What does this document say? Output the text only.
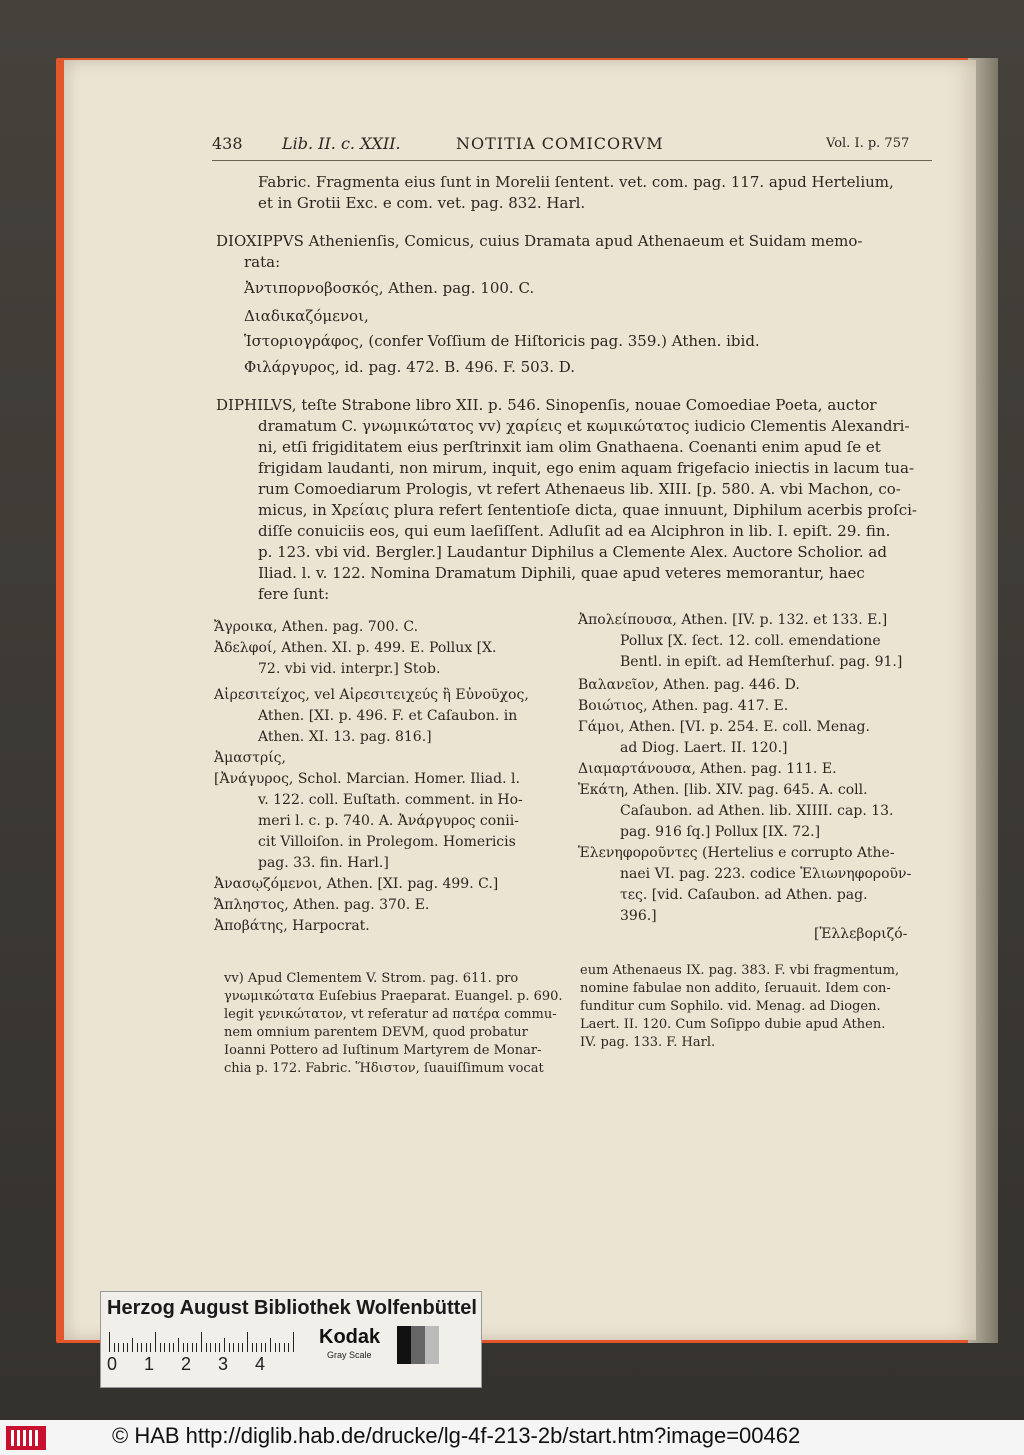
438 Lib. II. c. XXII.	NOTITIA COMICORVM	Vol. I. p. 757
Fabric. Fragmenta eius ſunt in Morelii ſentent. vet. com. pag. 117. apud Hertelium,
et in Grotii Exc. e com. vet. pag. 832. Harl.
DIOXIPPVS Athenienſis, Comicus, cuius Dramata apud Athenaeum et Suidam memo-
rata:
Ἀντιπορνοβοσκός, Athen. pag. 100. C.
Διαδικαζόμενοι,
Ἱστοριογράφος, (confer Voſſium de Hiſtoricis pag. 359.) Athen. ibid.
Φιλάργυρος, id. pag. 472. B. 496. F. 503. D.
DIPHILVS, teſte Strabone libro XII. p. 546. Sinopenſis, nouae Comoediae Poeta, auctor
dramatum C. γνωμικώτατος vv) χαρίεις et κωμικώτατος iudicio Clementis Alexandri-
ni, etſi frigiditatem eius perſtrinxit iam olim Gnathaena. Coenanti enim apud ſe et
frigidam laudanti, non mirum, inquit, ego enim aquam frigefacio iniectis in lacum tua-
rum Comoediarum Prologis, vt refert Athenaeus lib. XIII. [p. 580. A. vbi Machon, co-
micus, in Χρείαις plura refert ſententioſe dicta, quae innuunt, Diphilum acerbis proſci-
diſſe conuiciis eos, qui eum laeſiſſent. Adluſit ad ea Alciphron in lib. I. epiſt. 29. fin.
p. 123. vbi vid. Bergler.] Laudantur Diphilus a Clemente Alex. Auctore Scholior. ad
Iliad. l. v. 122. Nomina Dramatum Diphili, quae apud veteres memorantur, haec
fere ſunt:
Ἄγροικα, Athen. pag. 700. C.
Ἀδελφοί, Athen. XI. p. 499. E. Pollux [X.
72. vbi vid. interpr.] Stob.
Αἰρεσιτείχος, vel Αἰρεσιτειχεύς ἢ Εὐνοῦχος,
Athen. [XI. p. 496. F. et Caſaubon. in
Athen. XI. 13. pag. 816.]
Ἀμαστρίς,
[Ἀνάγυρος, Schol. Marcian. Homer. Iliad. l.
v. 122. coll. Euſtath. comment. in Ho-
meri l. c. p. 740. A. Ἀνάργυρος conii-
cit Villoiſon. in Prolegom. Homericis
pag. 33. fin. Harl.]
Ἀνασῳζόμενοι, Athen. [XI. pag. 499. C.]
Ἄπληστος, Athen. pag. 370. E.
Ἀποβάτης, Harpocrat.
Ἀπολείπουσα, Athen. [IV. p. 132. et 133. E.]
Pollux [X. ſect. 12. coll. emendatione
Bentl. in epiſt. ad Hemſterhuſ. pag. 91.]
Βαλανεῖον, Athen. pag. 446. D.
Βοιώτιος, Athen. pag. 417. E.
Γάμοι, Athen. [VI. p. 254. E. coll. Menag.
ad Diog. Laert. II. 120.]
Διαμαρτάνουσα, Athen. pag. 111. E.
Ἑκάτη, Athen. [lib. XIV. pag. 645. A. coll.
Caſaubon. ad Athen. lib. XIIII. cap. 13.
pag. 916 ſq.] Pollux [IX. 72.]
Ἑλενηφοροῦντες (Hertelius e corrupto Athe-
naei VI. pag. 223. codice Ἑλιωνηφοροῦν-
τες. [vid. Caſaubon. ad Athen. pag.
396.]
[Ἐλλεβοριζό-
vv) Apud Clementem V. Strom. pag. 611. pro
γνωμικώτατα Euſebius Praeparat. Euangel. p. 690.
legit γενικώτατον, vt referatur ad πατέρα commu-
nem omnium parentem DEVM, quod probatur
Ioanni Pottero ad Iuſtinum Martyrem de Monar-
chia p. 172. Fabric. Ἥδιστον, ſuauiſſimum vocat
eum Athenaeus IX. pag. 383. F. vbi fragmentum,
nomine fabulae non addito, ſeruauit. Idem con-
funditur cum Sophilo. vid. Menag. ad Diogen.
Laert. II. 120. Cum Soſippo dubie apud Athen.
IV. pag. 133. F. Harl.
Herzog August Bibliothek Wolfenbüttel
0 1 2 3 4
Kodak
Gray Scale
© HAB http://diglib.hab.de/drucke/lg-4f-213-2b/start.htm?image=00462
